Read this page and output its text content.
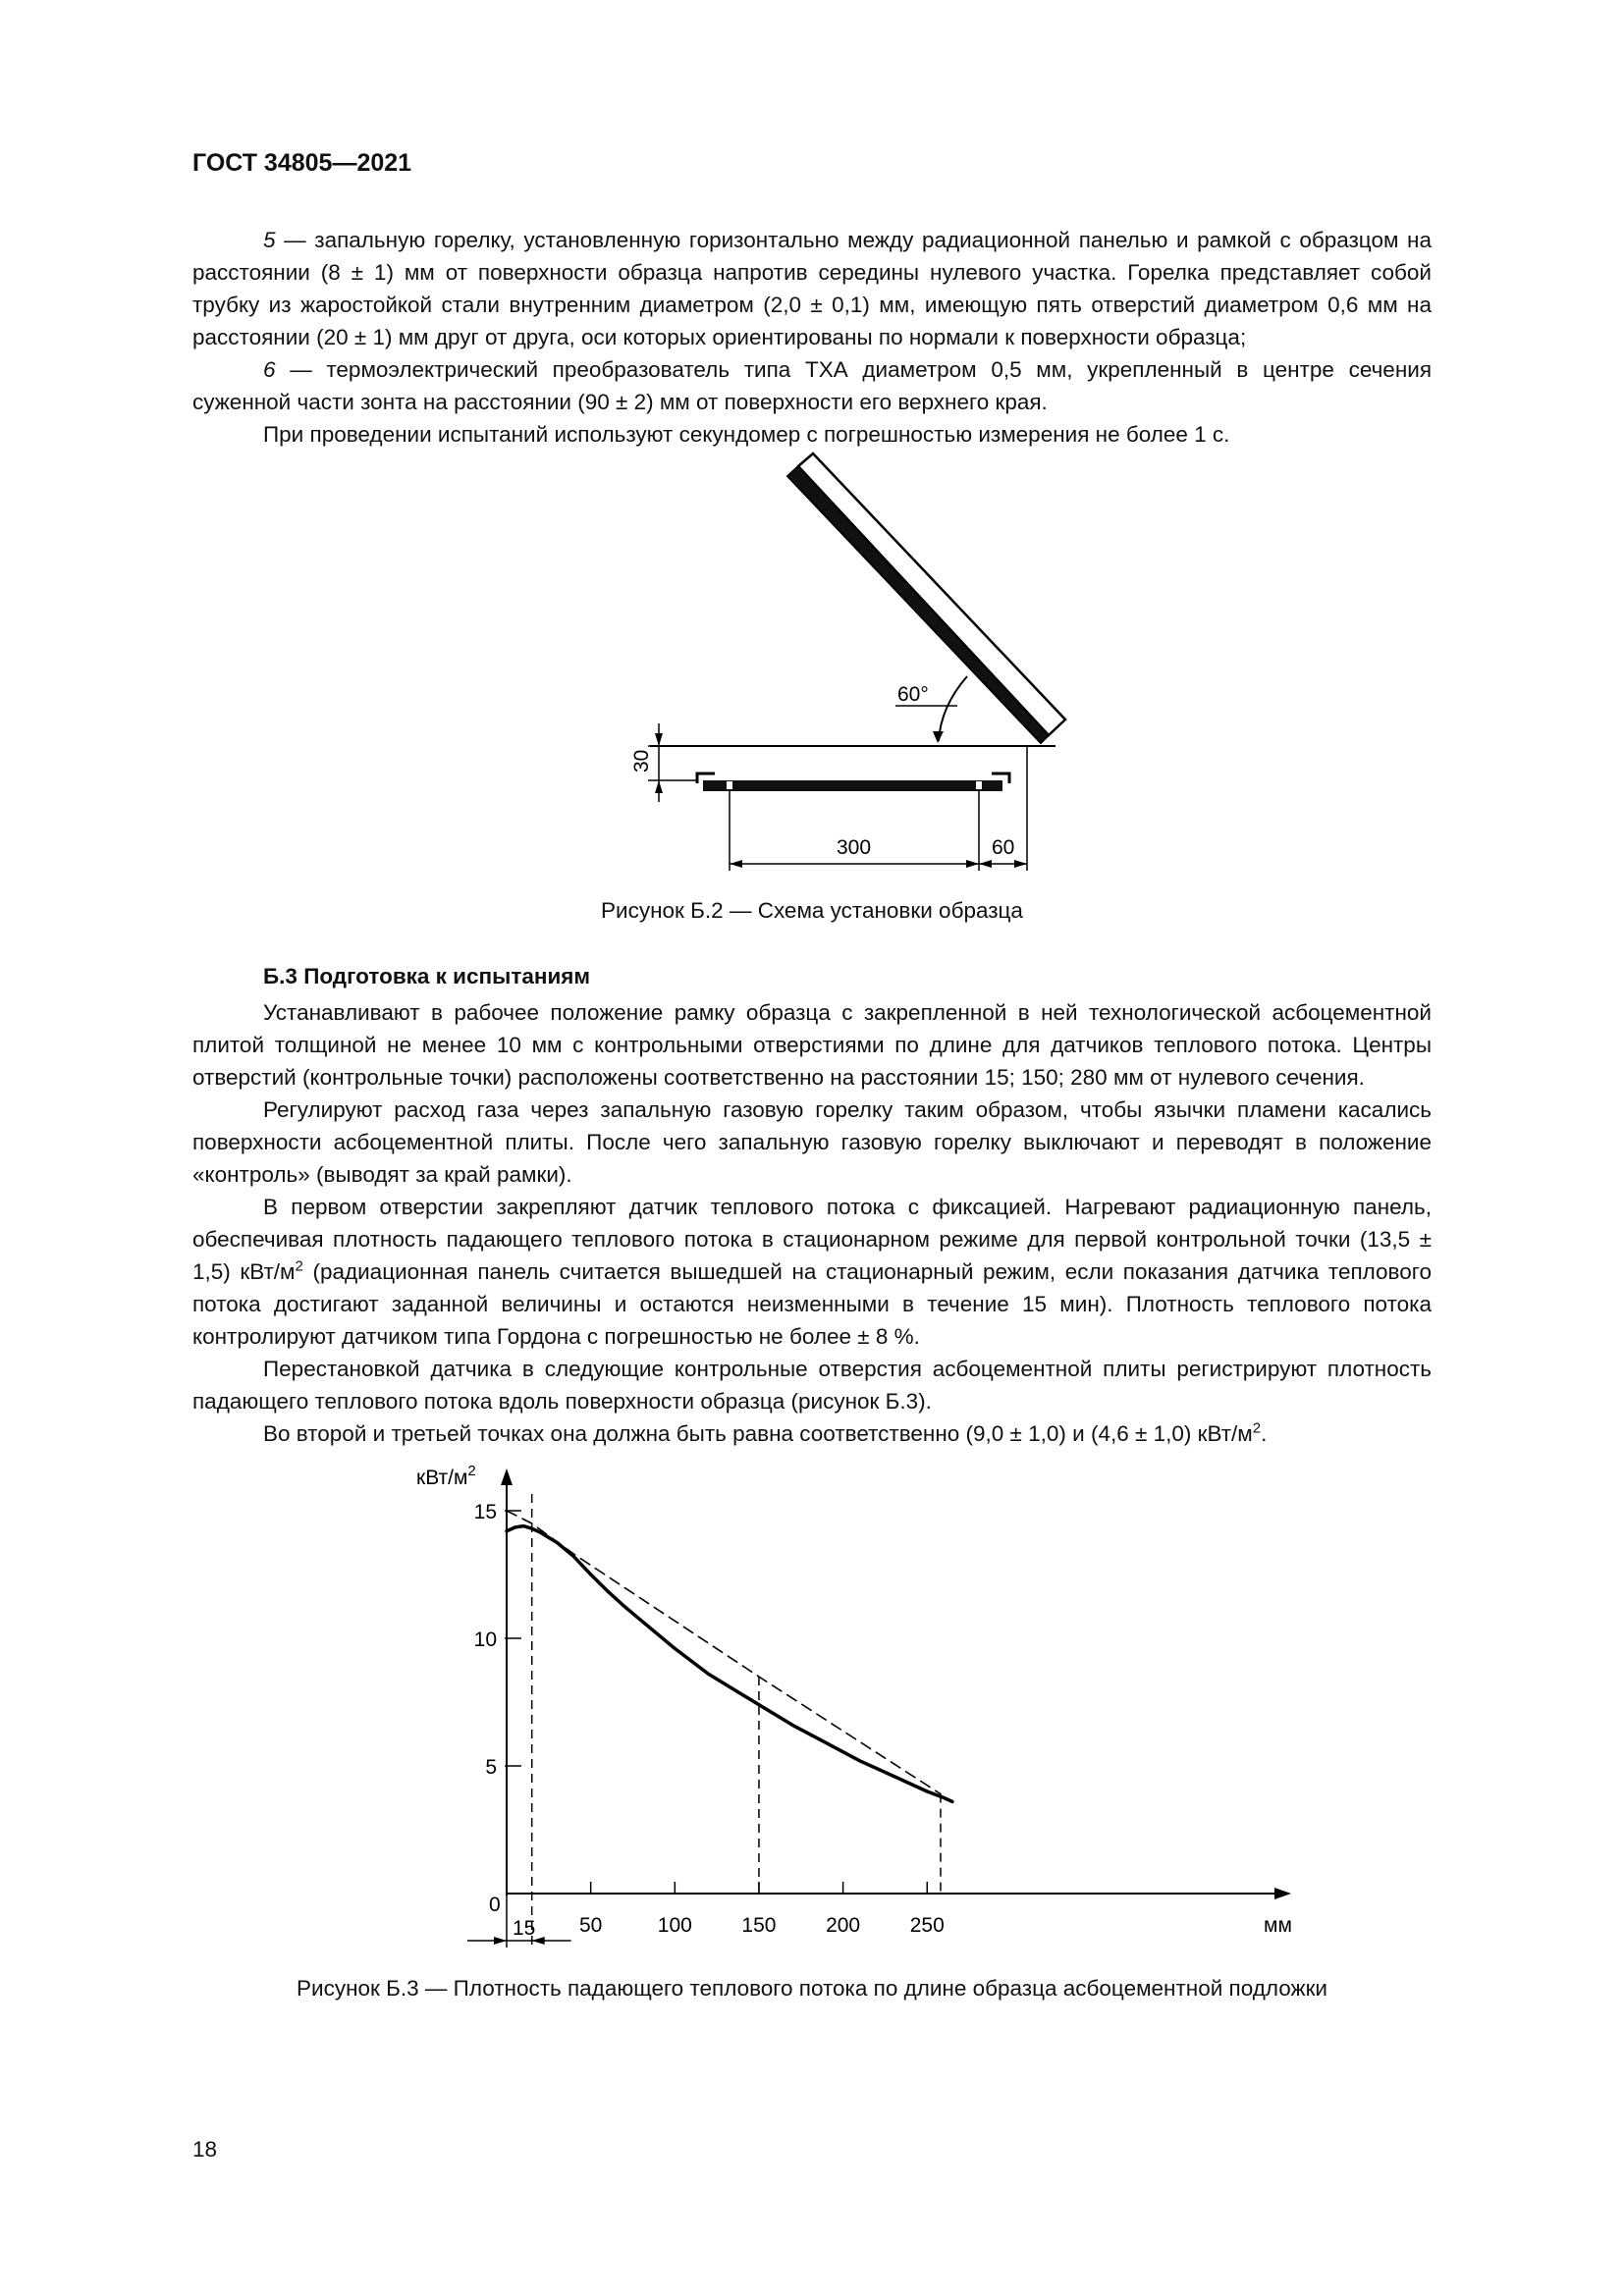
ГОСТ 34805—2021

5 — запальную горелку, установленную горизонтально между радиационной панелью и рамкой с образцом на расстоянии (8 ± 1) мм от поверхности образца напротив середины нулевого участка. Горелка представляет собой трубку из жаростойкой стали внутренним диаметром (2,0 ± 0,1) мм, имеющую пять отверстий диаметром 0,6 мм на расстоянии (20 ± 1) мм друг от друга, оси которых ориентированы по нормали к поверхности образца;

6 — термоэлектрический преобразователь типа ТХА диаметром 0,5 мм, укрепленный в центре сечения суженной части зонта на расстоянии (90 ± 2) мм от поверхности его верхнего края.

При проведении испытаний используют секундомер с погрешностью измерения не более 1 с.

60°
30
300	60
Рисунок Б.2 — Схема установки образца
Б.3 Подготовка к испытаниям

Устанавливают в рабочее положение рамку образца с закрепленной в ней технологической асбоцементной плитой толщиной не менее 10 мм с контрольными отверстиями по длине для датчиков теплового потока. Центры отверстий (контрольные точки) расположены соответственно на расстоянии 15; 150; 280 мм от нулевого сечения.

Регулируют расход газа через запальную газовую горелку таким образом, чтобы язычки пламени касались поверхности асбоцементной плиты. После чего запальную газовую горелку выключают и переводят в положение «контроль» (выводят за край рамки).

В первом отверстии закрепляют датчик теплового потока с фиксацией. Нагревают радиационную панель, обеспечивая плотность падающего теплового потока в стационарном режиме для первой контрольной точки (13,5 ± 1,5) кВт/$м^2$ (радиационная панель считается вышедшей на стационарный режим, если показания датчика теплового потока достигают заданной величины и остаются неизменными в течение 15 мин). Плотность теплового потока контролируют датчиком типа Гордона с погрешностью не более ± 8 %.

Перестановкой датчика в следующие контрольные отверстия асбоцементной плиты регистрируют плотность падающего теплового потока вдоль поверхности образца (рисунок Б.3).

Во второй и третьей точках она должна быть равна соответственно (9,0 ± 1,0) и (4,6 ± 1,0) кВт/$м^2$.

кВт/$м^2$
мм
5
10
15
50	100 150 200 250
0
15
Рисунок Б.3 — Плотность падающего теплового потока по длине образца асбоцементной подложки
18
